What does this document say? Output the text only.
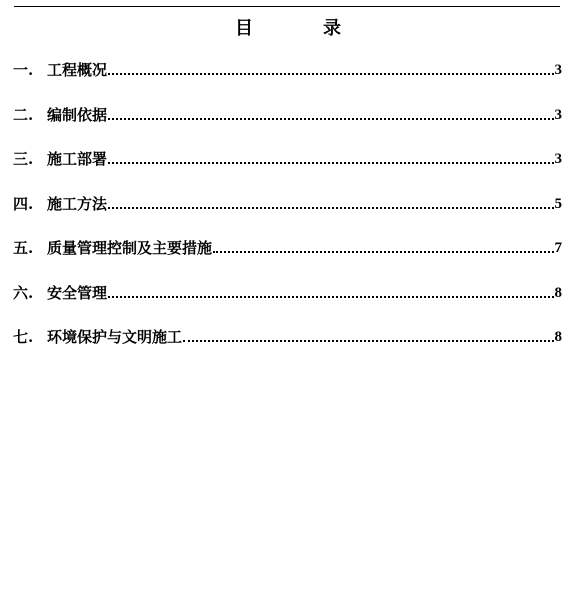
目	录
一. 工程概况	3
二. 编制依据	3
三. 施工部署	3
四. 施工方法	5
五. 质量管理控制及主要措施	7
六. 安全管理	8
七. 环境保护与文明施工	8
